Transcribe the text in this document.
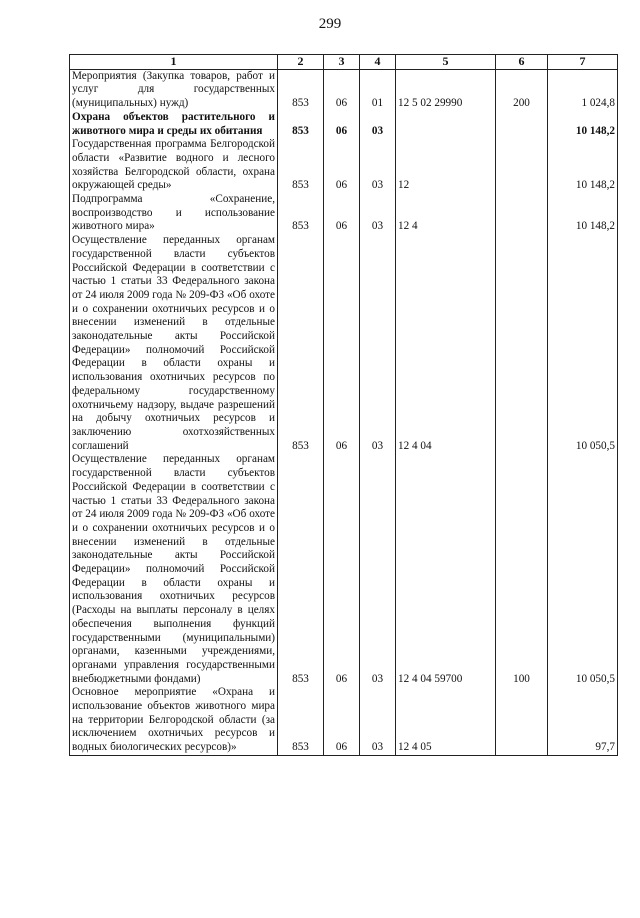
299
1	2	3	4	5	6	7
Мероприятия (Закупка товаров, работ и услуг для государственных (муниципальных) нужд)	853	06	01	12 5 02 29990	200	1 024,8
Охрана объектов растительного и животного мира и среды их обитания	853	06	03			10 148,2
Государственная программа Белгородской области «Развитие водного и лесного хозяйства Белгородской области, охрана окружающей среды»	853	06	03	12		10 148,2
Подпрограмма «Сохранение, воспроизводство и использование животного мира»	853	06	03	12 4		10 148,2
Осуществление переданных органам государственной власти субъектов Российской Федерации в соответствии с частью 1 статьи 33 Федерального закона от 24 июля 2009 года № 209-ФЗ «Об охоте и о сохранении охотничьих ресурсов и о внесении изменений в отдельные законодательные акты Российской Федерации» полномочий Российской Федерации в области охраны и использования охотничьих ресурсов по федеральному государственному охотничьему надзору, выдаче разрешений на добычу охотничьих ресурсов и заключению охотхозяйственных соглашений	853	06	03	12 4 04		10 050,5
Осуществление переданных органам государственной власти субъектов Российской Федерации в соответствии с частью 1 статьи 33 Федерального закона от 24 июля 2009 года № 209-ФЗ «Об охоте и о сохранении охотничьих ресурсов и о внесении изменений в отдельные законодательные акты Российской Федерации» полномочий Российской Федерации в области охраны и использования охотничьих ресурсов (Расходы на выплаты персоналу в целях обеспечения выполнения функций государственными (муниципальными) органами, казенными учреждениями, органами управления государственными внебюджетными фондами)	853	06	03	12 4 04 59700	100	10 050,5
Основное мероприятие «Охрана и использование объектов животного мира на территории Белгородской области (за исключением охотничьих ресурсов и водных биологических ресурсов)»	853	06	03	12 4 05		97,7
